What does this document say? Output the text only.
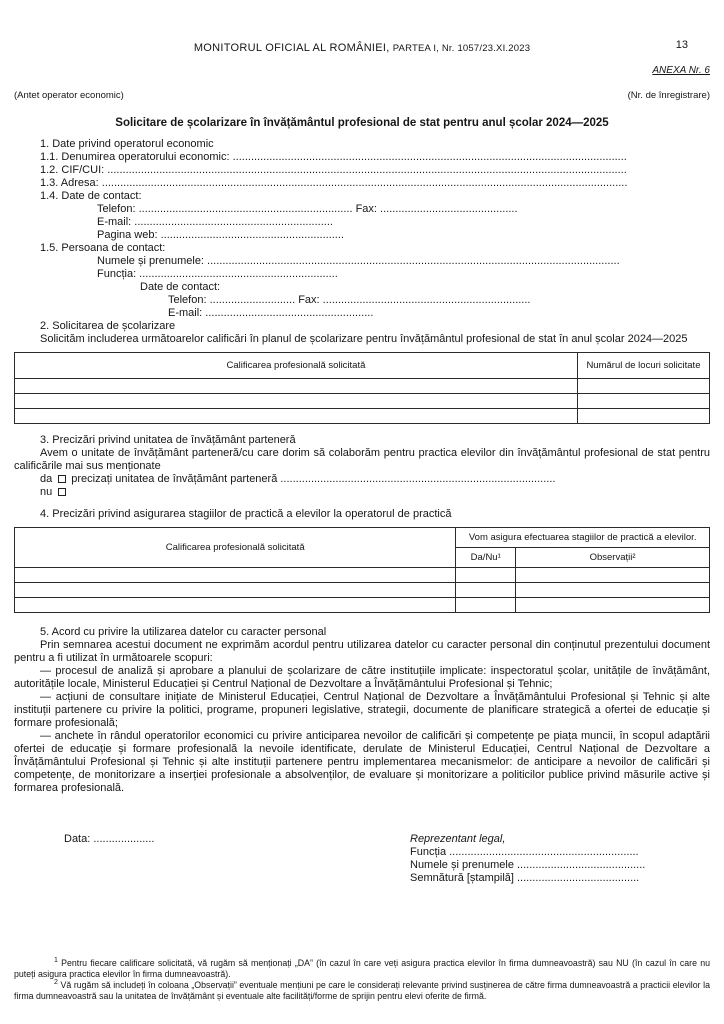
MONITORUL OFICIAL AL ROMÂNIEI, PARTEA I, Nr. 1057/23.XI.2023	13
ANEXA Nr. 6
(Antet operator economic)	(Nr. de înregistrare)
Solicitare de școlarizare în învățământul profesional de stat pentru anul școlar 2024—2025
1. Date privind operatorul economic
1.1. Denumirea operatorului economic: .................................................................................................................................
1.2. CIF/CUI: ..........................................................................................................................................................................
1.3. Adresa: ............................................................................................................................................................................
1.4. Date de contact:
Telefon: ...................................................................... Fax: .............................................
E-mail: .................................................................
Pagina web: ............................................................
1.5. Persoana de contact:
Numele și prenumele: .......................................................................................................................................
Funcția: .................................................................
Date de contact:
Telefon: ............................ Fax: ....................................................................
E-mail: .......................................................
2. Solicitarea de școlarizare
Solicităm includerea următoarelor calificări în planul de școlarizare pentru învățământul profesional de stat în anul școlar 2024—2025
Calificarea profesională solicitată	Numărul de locuri solicitate

3. Precizări privind unitatea de învățământ parteneră
Avem o unitate de învățământ parteneră/cu care dorim să colaborăm pentru practica elevilor din învățământul profesional de stat pentru calificările mai sus menționate
da precizați unitatea de învățământ parteneră ..........................................................................................
nu
4. Precizări privind asigurarea stagiilor de practică a elevilor la operatorul de practică
Calificarea profesională solicitată	Vom asigura efectuarea stagiilor de practică a elevilor.	
	Da/Nu¹	Observații²

5. Acord cu privire la utilizarea datelor cu caracter personal
Prin semnarea acestui document ne exprimăm acordul pentru utilizarea datelor cu caracter personal din conținutul prezentului document pentru a fi utilizat în următoarele scopuri:
— procesul de analiză și aprobare a planului de școlarizare de către instituțiile implicate: inspectoratul școlar, unitățile de învățământ, autoritățile locale, Ministerul Educației și Centrul Național de Dezvoltare a Învățământului Profesional și Tehnic;
— acțiuni de consultare inițiate de Ministerul Educației, Centrul Național de Dezvoltare a Învățământului Profesional și Tehnic și alte instituții partenere cu privire la politici, programe, propuneri legislative, strategii, documente de planificare strategică a ofertei de educație și formare profesională;
— anchete în rândul operatorilor economici cu privire anticiparea nevoilor de calificări și competențe pe piața muncii, în scopul adaptării ofertei de educație și formare profesională la nevoile identificate, derulate de Ministerul Educației, Centrul Național de Dezvoltare a Învățământului Profesional și Tehnic și alte instituții partenere pentru implementarea mecanismelor: de anticipare a nevoilor de calificări și competențe, de monitorizare a inserției profesionale a absolvenților, de evaluare și monitorizare a politicilor publice privind măsurile active și formarea profesională.
Data: ....................	Reprezentant legal,
Funcția ..............................................................
Numele și prenumele ..........................................
Semnătură [ștampilă] ........................................
$^1$ Pentru fiecare calificare solicitată, vă rugăm să menționați „DA” (în cazul în care veți asigura practica elevilor în firma dumneavoastră) sau NU (în cazul în care nu puteți asigura practica elevilor în firma dumneavoastră).
$^2$ Vă rugăm să includeți în coloana „Observații” eventuale mențiuni pe care le considerați relevante privind susținerea de către firma dumneavoastră a practicii elevilor la firma dumneavoastră sau la unitatea de învățământ și eventuale alte facilități/forme de sprijin pentru elevi oferite de firmă.
